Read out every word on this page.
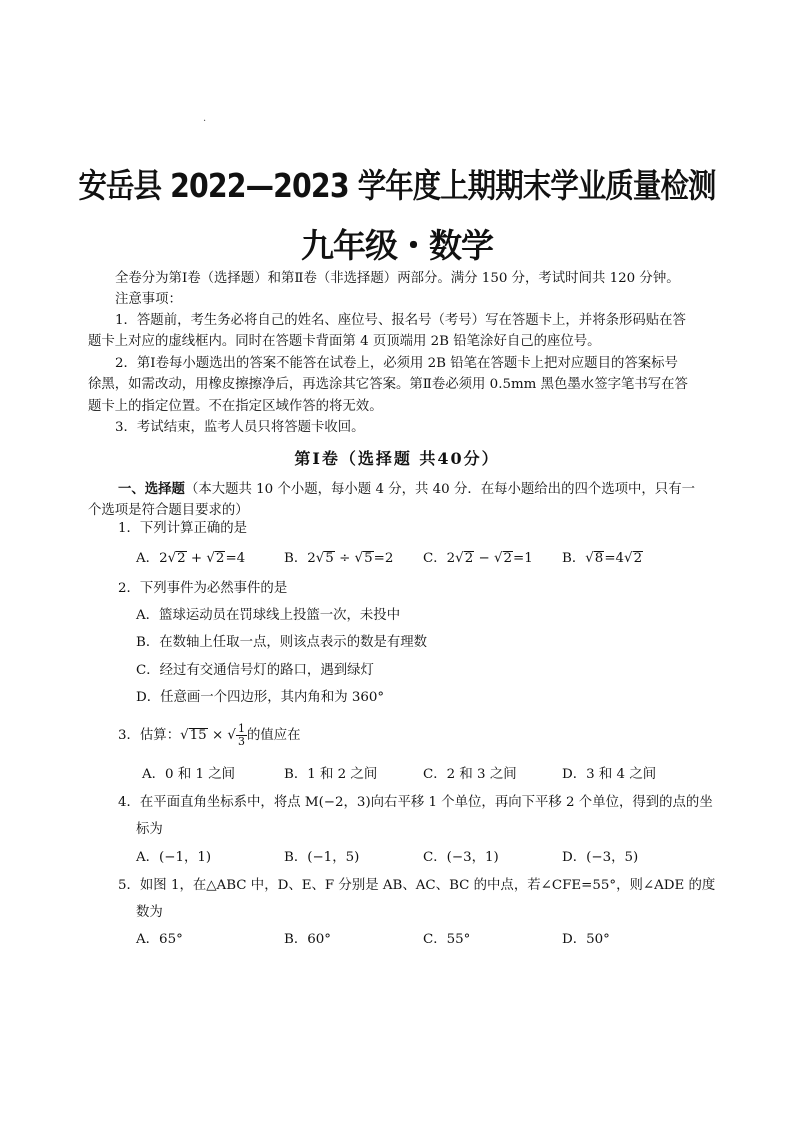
·
安岳县 2022—2023 学年度上期期末学业质量检测
九年级・数学
全卷分为第Ⅰ卷（选择题）和第Ⅱ卷（非选择题）两部分。满分 150 分，考试时间共 120 分钟。
注意事项：
1．答题前，考生务必将自己的姓名、座位号、报名号（考号）写在答题卡上，并将条形码贴在答
题卡上对应的虚线框内。同时在答题卡背面第 4 页顶端用 2B 铅笔涂好自己的座位号。
2．第Ⅰ卷每小题选出的答案不能答在试卷上，必须用 2B 铅笔在答题卡上把对应题目的答案标号
徐黑，如需改动，用橡皮擦擦净后，再选涂其它答案。第Ⅱ卷必须用 0.5mm 黑色墨水签字笔书写在答
题卡上的指定位置。不在指定区域作答的将无效。
3．考试结束，监考人员只将答题卡收回。
第Ⅰ卷（选择题 共40分）
一、选择题（本大题共 10 个小题，每小题 4 分，共 40 分．在每小题给出的四个选项中，只有一
个选项是符合题目要求的）
1．下列计算正确的是
A．2√2 + √2=4	B．2√5 ÷ √5=2 C．2√2 − √2=1 B．√8=4√2
2．下列事件为必然事件的是
A．篮球运动员在罚球线上投篮一次，未投中
B．在数轴上任取一点，则该点表示的数是有理数
C．经过有交通信号灯的路口，遇到绿灯
D．任意画一个四边形，其内角和为 360°
3．估算：√15 × √ $\frac{1}{3}$ 的值应在
A．0 和 1 之间	B．1 和 2 之间	C．2 和 3 之间	D．3 和 4 之间
4．在平面直角坐标系中，将点 M(−2，3)向右平移 1 个单位，再向下平移 2 个单位，得到的点的坐
标为
A．(−1，1)	B．(−1，5)	C．(−3，1)	D．(−3，5)
5．如图 1，在△ABC 中，D、E、F 分别是 AB、AC、BC 的中点，若∠CFE=55°，则∠ADE 的度
数为
A．65°	B．60°	C．55°	D．50°
